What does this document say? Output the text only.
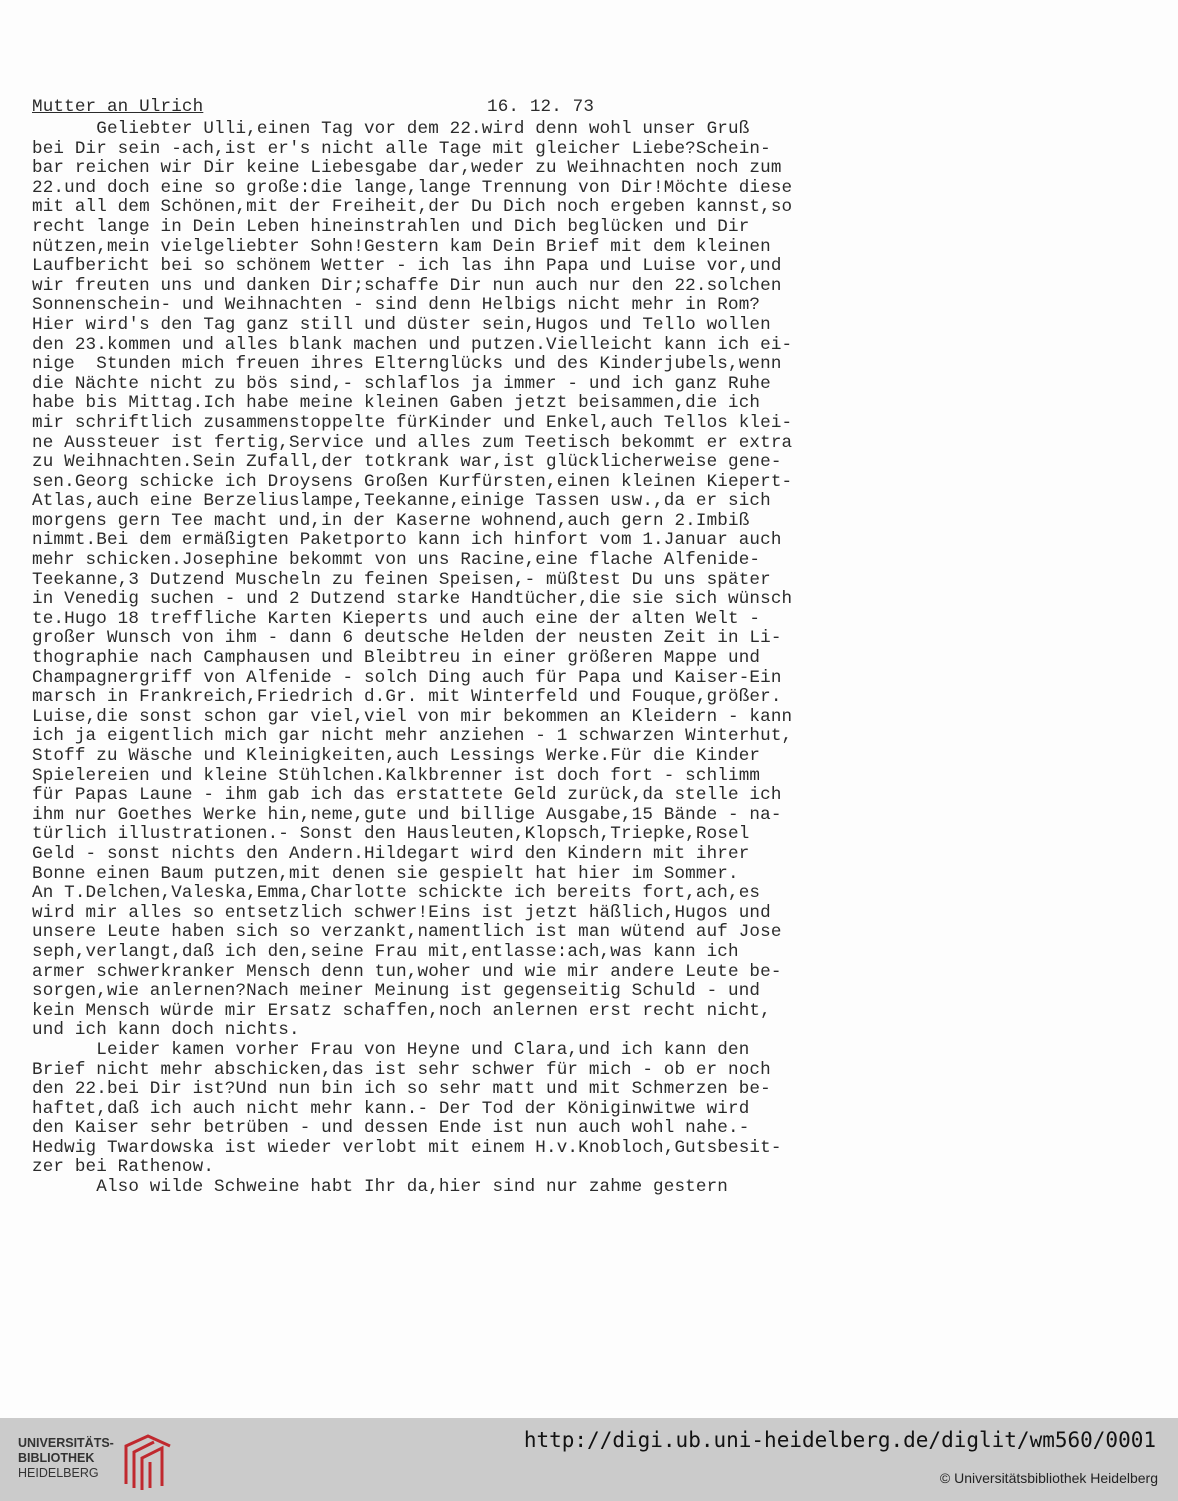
Mutter an Ulrich	16. 12. 73
Geliebter Ulli,einen Tag vor dem 22.wird denn wohl unser Gruß
bei Dir sein -ach,ist er's nicht alle Tage mit gleicher Liebe?Schein-
bar reichen wir Dir keine Liebesgabe dar,weder zu Weihnachten noch zum
22.und doch eine so große:die lange,lange Trennung von Dir!Möchte diese
mit all dem Schönen,mit der Freiheit,der Du Dich noch ergeben kannst,so
recht lange in Dein Leben hineinstrahlen und Dich beglücken und Dir
nützen,mein vielgeliebter Sohn!Gestern kam Dein Brief mit dem kleinen
Laufbericht bei so schönem Wetter - ich las ihn Papa und Luise vor,und
wir freuten uns und danken Dir;schaffe Dir nun auch nur den 22.solchen
Sonnenschein- und Weihnachten - sind denn Helbigs nicht mehr in Rom?
Hier wird's den Tag ganz still und düster sein,Hugos und Tello wollen
den 23.kommen und alles blank machen und putzen.Vielleicht kann ich ei-
nige  Stunden mich freuen ihres Elternglücks und des Kinderjubels,wenn
die Nächte nicht zu bös sind,- schlaflos ja immer - und ich ganz Ruhe
habe bis Mittag.Ich habe meine kleinen Gaben jetzt beisammen,die ich
mir schriftlich zusammenstoppelte fürKinder und Enkel,auch Tellos klei-
ne Aussteuer ist fertig,Service und alles zum Teetisch bekommt er extra
zu Weihnachten.Sein Zufall,der totkrank war,ist glücklicherweise gene-
sen.Georg schicke ich Droysens Großen Kurfürsten,einen kleinen Kiepert-
Atlas,auch eine Berzeliuslampe,Teekanne,einige Tassen usw.,da er sich
morgens gern Tee macht und,in der Kaserne wohnend,auch gern 2.Imbiß
nimmt.Bei dem ermäßigten Paketporto kann ich hinfort vom 1.Januar auch
mehr schicken.Josephine bekommt von uns Racine,eine flache Alfenide-
Teekanne,3 Dutzend Muscheln zu feinen Speisen,- müßtest Du uns später
in Venedig suchen - und 2 Dutzend starke Handtücher,die sie sich wünsch
te.Hugo 18 treffliche Karten Kieperts und auch eine der alten Welt -
großer Wunsch von ihm - dann 6 deutsche Helden der neusten Zeit in Li-
thographie nach Camphausen und Bleibtreu in einer größeren Mappe und
Champagnergriff von Alfenide - solch Ding auch für Papa und Kaiser-Ein
marsch in Frankreich,Friedrich d.Gr. mit Winterfeld und Fouque,größer.
Luise,die sonst schon gar viel,viel von mir bekommen an Kleidern - kann
ich ja eigentlich mich gar nicht mehr anziehen - 1 schwarzen Winterhut,
Stoff zu Wäsche und Kleinigkeiten,auch Lessings Werke.Für die Kinder
Spielereien und kleine Stühlchen.Kalkbrenner ist doch fort - schlimm
für Papas Laune - ihm gab ich das erstattete Geld zurück,da stelle ich
ihm nur Goethes Werke hin,neme,gute und billige Ausgabe,15 Bände - na-
türlich illustrationen.- Sonst den Hausleuten,Klopsch,Triepke,Rosel
Geld - sonst nichts den Andern.Hildegart wird den Kindern mit ihrer
Bonne einen Baum putzen,mit denen sie gespielt hat hier im Sommer.
An T.Delchen,Valeska,Emma,Charlotte schickte ich bereits fort,ach,es
wird mir alles so entsetzlich schwer!Eins ist jetzt häßlich,Hugos und
unsere Leute haben sich so verzankt,namentlich ist man wütend auf Jose
seph,verlangt,daß ich den,seine Frau mit,entlasse:ach,was kann ich
armer schwerkranker Mensch denn tun,woher und wie mir andere Leute be-
sorgen,wie anlernen?Nach meiner Meinung ist gegenseitig Schuld - und
kein Mensch würde mir Ersatz schaffen,noch anlernen erst recht nicht,
und ich kann doch nichts.
Leider kamen vorher Frau von Heyne und Clara,und ich kann den
Brief nicht mehr abschicken,das ist sehr schwer für mich - ob er noch
den 22.bei Dir ist?Und nun bin ich so sehr matt und mit Schmerzen be-
haftet,daß ich auch nicht mehr kann.- Der Tod der Königinwitwe wird
den Kaiser sehr betrüben - und dessen Ende ist nun auch wohl nahe.-
Hedwig Twardowska ist wieder verlobt mit einem H.v.Knobloch,Gutsbesit-
zer bei Rathenow.
Also wilde Schweine habt Ihr da,hier sind nur zahme gestern
UNIVERSITÄTS-
BIBLIOTHEK
HEIDELBERG
http://digi.ub.uni-heidelberg.de/diglit/wm560/0001
© Universitätsbibliothek Heidelberg
